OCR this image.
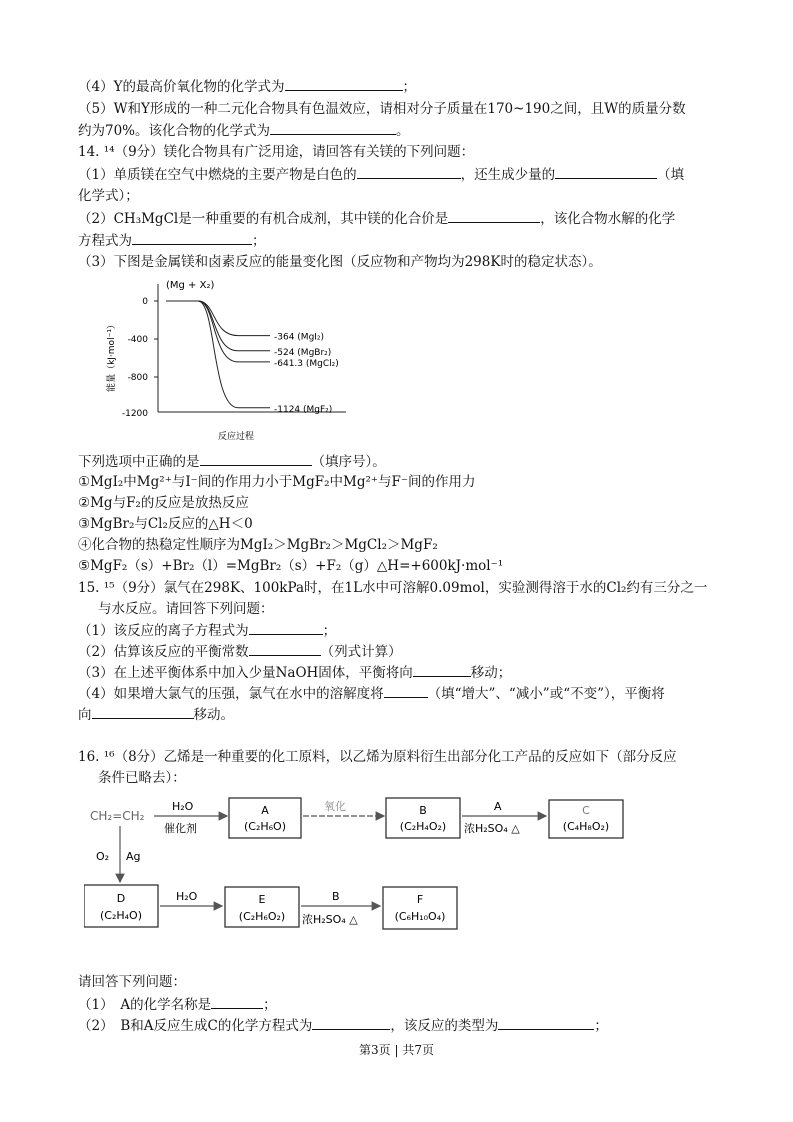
（4）Y的最高价氧化物的化学式为	；
（5）W和Y形成的一种二元化合物具有色温效应，请相对分子质量在170~190之间，且W的质量分数
约为70%。该化合物的化学式为	。
14. ¹⁴（9分）镁化合物具有广泛用途，请回答有关镁的下列问题：
（1）单质镁在空气中燃烧的主要产物是白色的	，还生成少量的	（填
化学式）；
（2）CH₃MgCl是一种重要的有机合成剂，其中镁的化合价是	，该化合物水解的化学
方程式为	；
（3）下图是金属镁和卤素反应的能量变化图（反应物和产物均为298K时的稳定状态）。
(Mg + X₂)
0
-400
-800
-1200
能量（kJ·mol⁻¹）	-364 (MgI₂)
-524 (MgBr₂)
-641.3 (MgCl₂)
-1124 (MgF₂)
反应过程
下列选项中正确的是	（填序号）。
①MgI₂中Mg²⁺与I⁻间的作用力小于MgF₂中Mg²⁺与F⁻间的作用力
②Mg与F₂的反应是放热反应
③MgBr₂与Cl₂反应的△H＜0
④化合物的热稳定性顺序为MgI₂＞MgBr₂＞MgCl₂＞MgF₂
⑤MgF₂（s）+Br₂（l）=MgBr₂（s）+F₂（g）△H=+600kJ·mol⁻¹
15. ¹⁵（9分）氯气在298K、100kPa时，在1L水中可溶解0.09mol，实验测得溶于水的Cl₂约有三分之一
与水反应。请回答下列问题：
（1）该反应的离子方程式为	；
（2）估算该反应的平衡常数	（列式计算）
（3）在上述平衡体系中加入少量NaOH固体，平衡将向	移动；
（4）如果增大氯气的压强，氯气在水中的溶解度将	（填“增大”、“减小”或“不变”），平衡将
向	移动。
16. ¹⁶（8分）乙烯是一种重要的化工原料，以乙烯为原料衍生出部分化工产品的反应如下（部分反应
条件已略去）：
CH₂=CH₂
H₂O
催化剂
A
(C₂H₆O)
氧化	B
(C₂H₄O₂)
A
浓H₂SO₄ △
C
(C₄H₈O₂)
O₂ Ag
D
(C₂H₄O)
H₂O	E
(C₂H₆O₂)
B
浓H₂SO₄ △
F
(C₆H₁₀O₄)
请回答下列问题：
（1）　A的化学名称是	；
（2）　B和A反应生成C的化学方程式为	，该反应的类型为	；
第3页 | 共7页
